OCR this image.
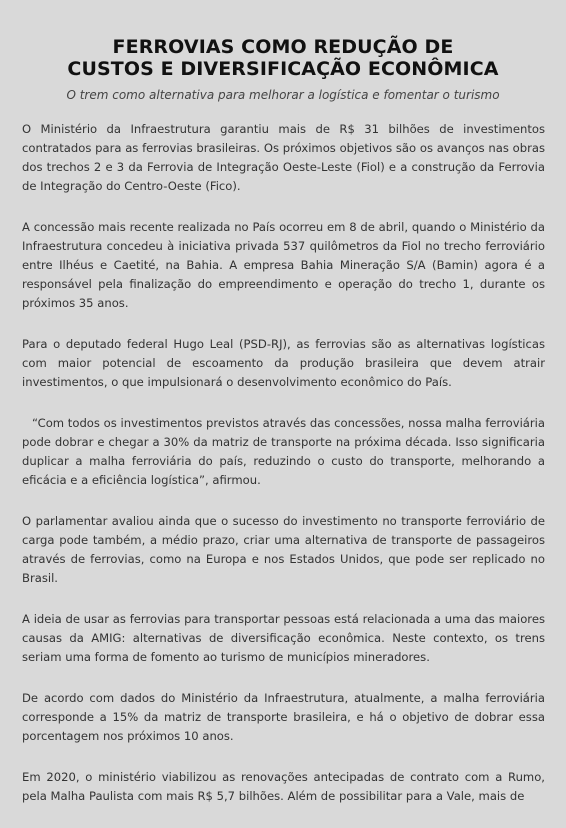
FERROVIAS COMO REDUÇÃO DE
CUSTOS E DIVERSIFICAÇÃO ECONÔMICA
O trem como alternativa para melhorar a logística e fomentar o turismo

O Ministério da Infraestrutura garantiu mais de R$ 31 bilhões de investimentos contratados para as ferrovias brasileiras. Os próximos objetivos são os avanços nas obras dos trechos 2 e 3 da Ferrovia de Integração Oeste-Leste (Fiol) e a construção da Ferrovia de Integração do Centro-Oeste (Fico).

A concessão mais recente realizada no País ocorreu em 8 de abril, quando o Ministério da Infraestrutura concedeu à iniciativa privada 537 quilômetros da Fiol no trecho ferroviário entre Ilhéus e Caetité, na Bahia. A empresa Bahia Mineração S/A (Bamin) agora é a responsável pela finalização do empreendimento e operação do trecho 1, durante os próximos 35 anos.

Para o deputado federal Hugo Leal (PSD-RJ), as ferrovias são as alternativas logísticas com maior potencial de escoamento da produção brasileira que devem atrair investimentos, o que impulsionará o desenvolvimento econômico do País.

“Com todos os investimentos previstos através das concessões, nossa malha ferroviária pode dobrar e chegar a 30% da matriz de transporte na próxima década. Isso significaria duplicar a malha ferroviária do país, reduzindo o custo do transporte, melhorando a eficácia e a eficiência logística”, afirmou.

O parlamentar avaliou ainda que o sucesso do investimento no transporte ferroviário de carga pode também, a médio prazo, criar uma alternativa de transporte de passageiros através de ferrovias, como na Europa e nos Estados Unidos, que pode ser replicado no Brasil.

A ideia de usar as ferrovias para transportar pessoas está relacionada a uma das maiores causas da AMIG: alternativas de diversificação econômica. Neste contexto, os trens seriam uma forma de fomento ao turismo de municípios mineradores.

De acordo com dados do Ministério da Infraestrutura, atualmente, a malha ferroviária corresponde a 15% da matriz de transporte brasileira, e há o objetivo de dobrar essa porcentagem nos próximos 10 anos.

Em 2020, o ministério viabilizou as renovações antecipadas de contrato com a Rumo, pela Malha Paulista com mais R$ 5,7 bilhões. Além de possibilitar para a Vale, mais de
